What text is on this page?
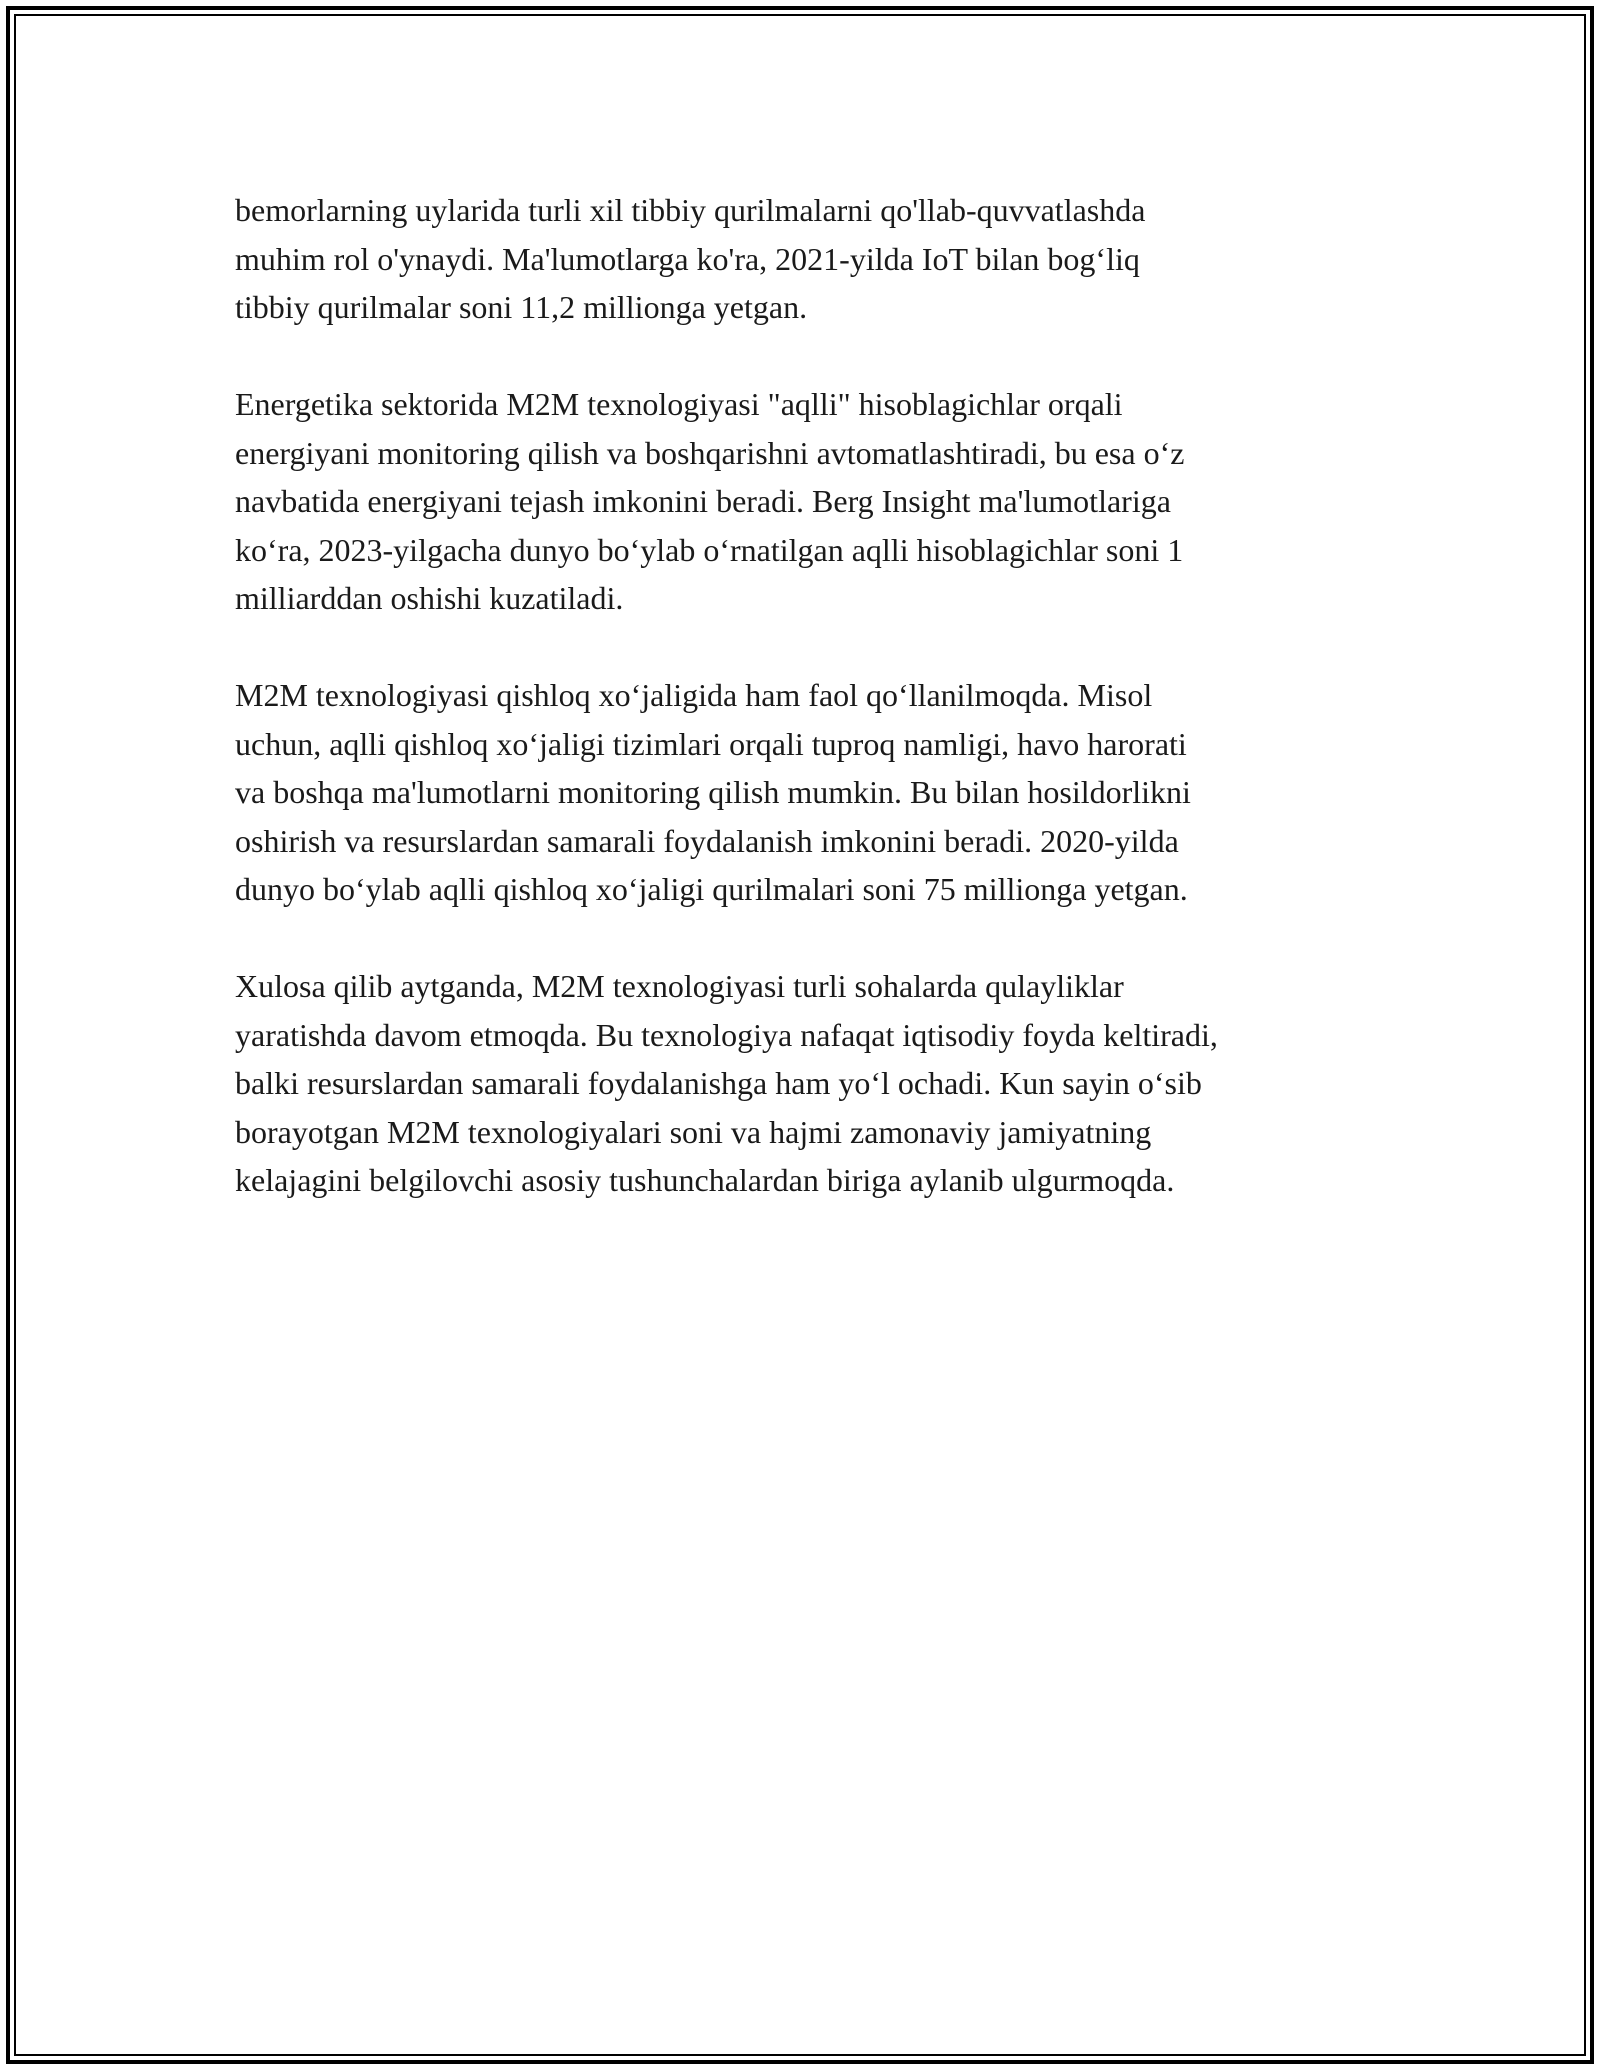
bemorlarning uylarida turli xil tibbiy qurilmalarni qo'llab-quvvatlashda
muhim rol o'ynaydi. Ma'lumotlarga ko'ra, 2021-yilda IoT bilan bog‘liq
tibbiy qurilmalar soni 11,2 millionga yetgan.

Energetika sektorida M2M texnologiyasi "aqlli" hisoblagichlar orqali
energiyani monitoring qilish va boshqarishni avtomatlashtiradi, bu esa o‘z
navbatida energiyani tejash imkonini beradi. Berg Insight ma'lumotlariga
ko‘ra, 2023-yilgacha dunyo bo‘ylab o‘rnatilgan aqlli hisoblagichlar soni 1
milliarddan oshishi kuzatiladi.

M2M texnologiyasi qishloq xo‘jaligida ham faol qo‘llanilmoqda. Misol
uchun, aqlli qishloq xo‘jaligi tizimlari orqali tuproq namligi, havo harorati
va boshqa ma'lumotlarni monitoring qilish mumkin. Bu bilan hosildorlikni
oshirish va resurslardan samarali foydalanish imkonini beradi. 2020-yilda
dunyo bo‘ylab aqlli qishloq xo‘jaligi qurilmalari soni 75 millionga yetgan.

Xulosa qilib aytganda, M2M texnologiyasi turli sohalarda qulayliklar
yaratishda davom etmoqda. Bu texnologiya nafaqat iqtisodiy foyda keltiradi,
balki resurslardan samarali foydalanishga ham yo‘l ochadi. Kun sayin o‘sib
borayotgan M2M texnologiyalari soni va hajmi zamonaviy jamiyatning
kelajagini belgilovchi asosiy tushunchalardan biriga aylanib ulgurmoqda.
